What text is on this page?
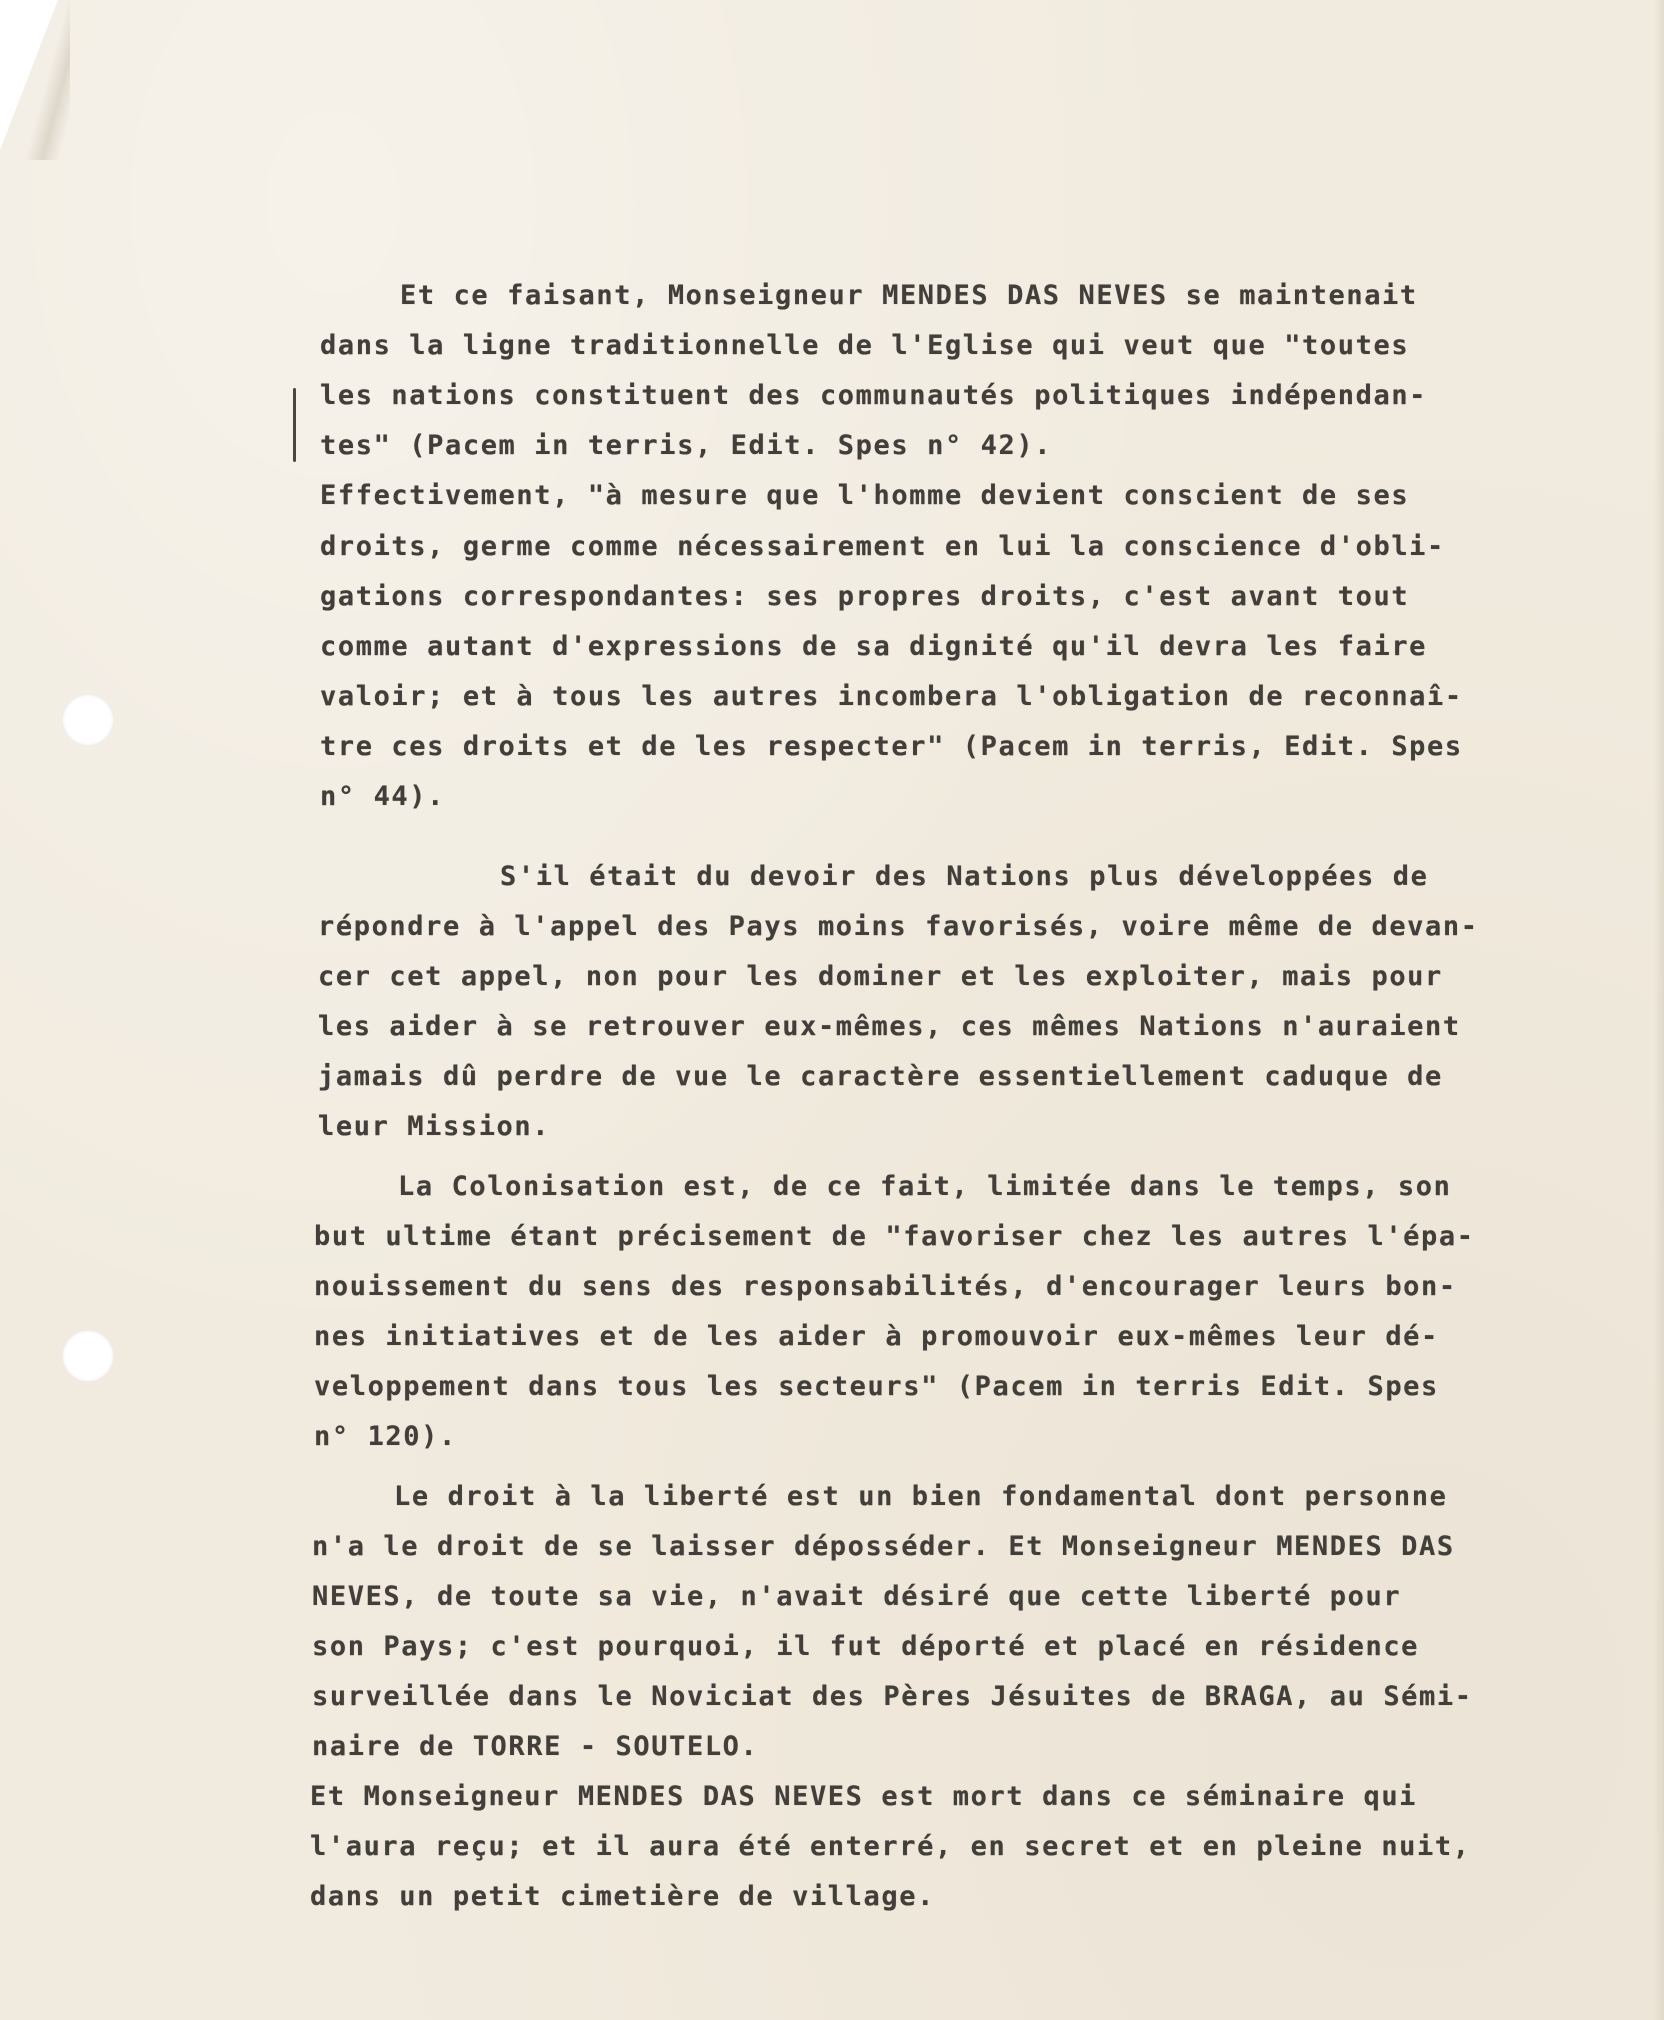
Et ce faisant, Monseigneur MENDES DAS NEVES se maintenait
dans la ligne traditionnelle de l'Eglise qui veut que "toutes
les nations constituent des communautés politiques indépendan-
tes" (Pacem in terris, Edit. Spes n° 42).
Effectivement, "à mesure que l'homme devient conscient de ses
droits, germe comme nécessairement en lui la conscience d'obli-
gations correspondantes: ses propres droits, c'est avant tout
comme autant d'expressions de sa dignité qu'il devra les faire
valoir; et à tous les autres incombera l'obligation de reconnaî-
tre ces droits et de les respecter" (Pacem in terris, Edit. Spes
n° 44).
S'il était du devoir des Nations plus développées de
répondre à l'appel des Pays moins favorisés, voire même de devan-
cer cet appel, non pour les dominer et les exploiter, mais pour
les aider à se retrouver eux-mêmes, ces mêmes Nations n'auraient
jamais dû perdre de vue le caractère essentiellement caduque de
leur Mission.
La Colonisation est, de ce fait, limitée dans le temps, son
but ultime étant précisement de "favoriser chez les autres l'épa-
nouissement du sens des responsabilités, d'encourager leurs bon-
nes initiatives et de les aider à promouvoir eux-mêmes leur dé-
veloppement dans tous les secteurs" (Pacem in terris Edit. Spes
n° 120).
Le droit à la liberté est un bien fondamental dont personne
n'a le droit de se laisser déposséder. Et Monseigneur MENDES DAS
NEVES, de toute sa vie, n'avait désiré que cette liberté pour
son Pays; c'est pourquoi, il fut déporté et placé en résidence
surveillée dans le Noviciat des Pères Jésuites de BRAGA, au Sémi-
naire de TORRE - SOUTELO.
Et Monseigneur MENDES DAS NEVES est mort dans ce séminaire qui
l'aura reçu; et il aura été enterré, en secret et en pleine nuit,
dans un petit cimetière de village.
